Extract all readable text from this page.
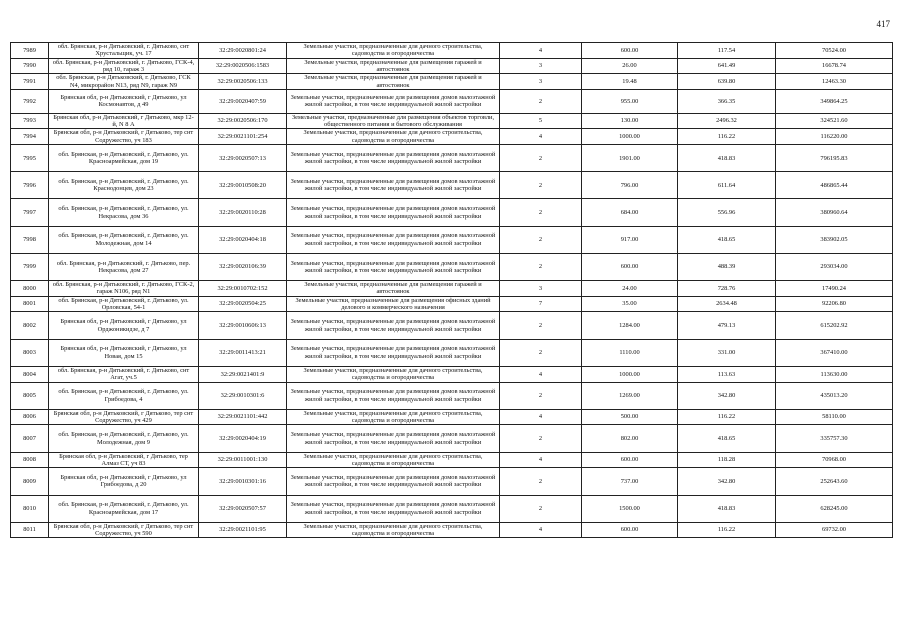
417
7989	обл. Брянская, р-н Дятьковский, г. Дятьково, снт Хрустальщик, уч. 17	32:29:0020801:24	Земельные участки, предназначенные для дачного строительства, садоводства и огородничества	4	600.00	117.54	70524.00
7990	обл. Брянская, р-н Дятьковский, г. Дятьково, ГСК-4, ряд 10, гараж 3	32:29:0020506:1583	Земельные участки, предназначенные для размещения гаражей и автостоянок	3	26.00	641.49	16678.74
7991	обл. Брянская, р-н Дятьковский, г. Дятьково, ГСК N4, микрорайон N13, ряд N9, гараж N9	32:29:0020506:133	Земельные участки, предназначенные для размещения гаражей и автостоянок	3	19.48	639.80	12463.30
7992	Брянская обл, р-н Дятьковский, г Дятьково, ул Космонавтов, д 49	32:29:0020407:59	Земельные участки, предназначенные для размещения домов малоэтажной жилой застройки, в том числе индивидуальной жилой застройки	2	955.00	366.35	349864.25
7993	Брянская обл, р-н Дятьковский, г Дятьково, мкр 12-й, N 8 А	32:29:0020506:170	Земельные участки, предназначенные для размещения объектов торговли, общественного питания и бытового обслуживания	5	130.00	2496.32	324521.60
7994	Брянская обл, р-н Дятьковский, г Дятьково, тер снт Содружество, уч 183	32:29:0021101:254	Земельные участки, предназначенные для дачного строительства, садоводства и огородничества	4	1000.00	116.22	116220.00
7995	обл. Брянская, р-н Дятьковский, г. Дятьково, ул. Красноармейская, дом 19	32:29:0020507:13	Земельные участки, предназначенные для размещения домов малоэтажной жилой застройки, в том числе индивидуальной жилой застройки	2	1901.00	418.83	796195.83
7996	обл. Брянская, р-н Дятьковский, г. Дятьково, ул. Краснодонцев, дом 23	32:29:0010508:20	Земельные участки, предназначенные для размещения домов малоэтажной жилой застройки, в том числе индивидуальной жилой застройки	2	796.00	611.64	486865.44
7997	обл. Брянская, р-н Дятьковский, г. Дятьково, ул. Некрасова, дом 36	32:29:0020110:28	Земельные участки, предназначенные для размещения домов малоэтажной жилой застройки, в том числе индивидуальной жилой застройки	2	684.00	556.96	380960.64
7998	обл. Брянская, р-н Дятьковский, г. Дятьково, ул. Молодежная, дом 14	32:29:0020404:18	Земельные участки, предназначенные для размещения домов малоэтажной жилой застройки, в том числе индивидуальной жилой застройки	2	917.00	418.65	383902.05
7999	обл. Брянская, р-н Дятьковский, г. Дятьково, пер. Некрасова, дом 27	32:29:0020106:39	Земельные участки, предназначенные для размещения домов малоэтажной жилой застройки, в том числе индивидуальной жилой застройки	2	600.00	488.39	293034.00
8000	обл. Брянская, р-н Дятьковский, г. Дятьково, ГСК-2, гараж N106, ряд N1	32:29:0010702:152	Земельные участки, предназначенные для размещения гаражей и автостоянок	3	24.00	728.76	17490.24
8001	обл. Брянская, р-н Дятьковский, г. Дятьково, ул. Орловская, 54-1	32:29:0020504:25	Земельные участки, предназначенные для размещения офисных зданий делового и коммерческого назначения	7	35.00	2634.48	92206.80
8002	Брянская обл, р-н Дятьковский, г Дятьково, ул Орджоникидзе, д 7	32:29:0010606:13	Земельные участки, предназначенные для размещения домов малоэтажной жилой застройки, в том числе индивидуальной жилой застройки	2	1284.00	479.13	615202.92
8003	Брянская обл, р-н Дятьковский, г Дятьково, ул Новая, дом 15	32:29:0011413:21	Земельные участки, предназначенные для размещения домов малоэтажной жилой застройки, в том числе индивидуальной жилой застройки	2	1110.00	331.00	367410.00
8004	обл. Брянская, р-н Дятьковский, г. Дятьково, снт Агат, уч.5	32:29:0021401:9	Земельные участки, предназначенные для дачного строительства, садоводства и огородничества	4	1000.00	113.63	113630.00
8005	обл. Брянская, р-н Дятьковский, г. Дятьково, ул. Грибоедова, 4	32:29:0010301:6	Земельные участки, предназначенные для размещения домов малоэтажной жилой застройки, в том числе индивидуальной жилой застройки	2	1269.00	342.80	435013.20
8006	Брянская обл, р-н Дятьковский, г Дятьково, тер снт Содружество, уч 429	32:29:0021101:442	Земельные участки, предназначенные для дачного строительства, садоводства и огородничества	4	500.00	116.22	58110.00
8007	обл. Брянская, р-н Дятьковский, г. Дятьково, ул. Молодежная, дом 9	32:29:0020404:19	Земельные участки, предназначенные для размещения домов малоэтажной жилой застройки, в том числе индивидуальной жилой застройки	2	802.00	418.65	335757.30
8008	Брянская обл, р-н Дятьковский, г Дятьково, тер Алмаз СТ, уч 83	32:29:0011001:130	Земельные участки, предназначенные для дачного строительства, садоводства и огородничества	4	600.00	118.28	70968.00
8009	Брянская обл, р-н Дятьковский, г Дятьково, ул Грибоедова, д 20	32:29:0010301:16	Земельные участки, предназначенные для размещения домов малоэтажной жилой застройки, в том числе индивидуальной жилой застройки	2	737.00	342.80	252643.60
8010	обл. Брянская, р-н Дятьковский, г. Дятьково, ул. Красноармейская, дом 17	32:29:0020507:57	Земельные участки, предназначенные для размещения домов малоэтажной жилой застройки, в том числе индивидуальной жилой застройки	2	1500.00	418.83	628245.00
8011	Брянская обл, р-н Дятьковский, г Дятьково, тер снт Содружество, уч 590	32:29:0021101:95	Земельные участки, предназначенные для дачного строительства, садоводства и огородничества	4	600.00	116.22	69732.00
